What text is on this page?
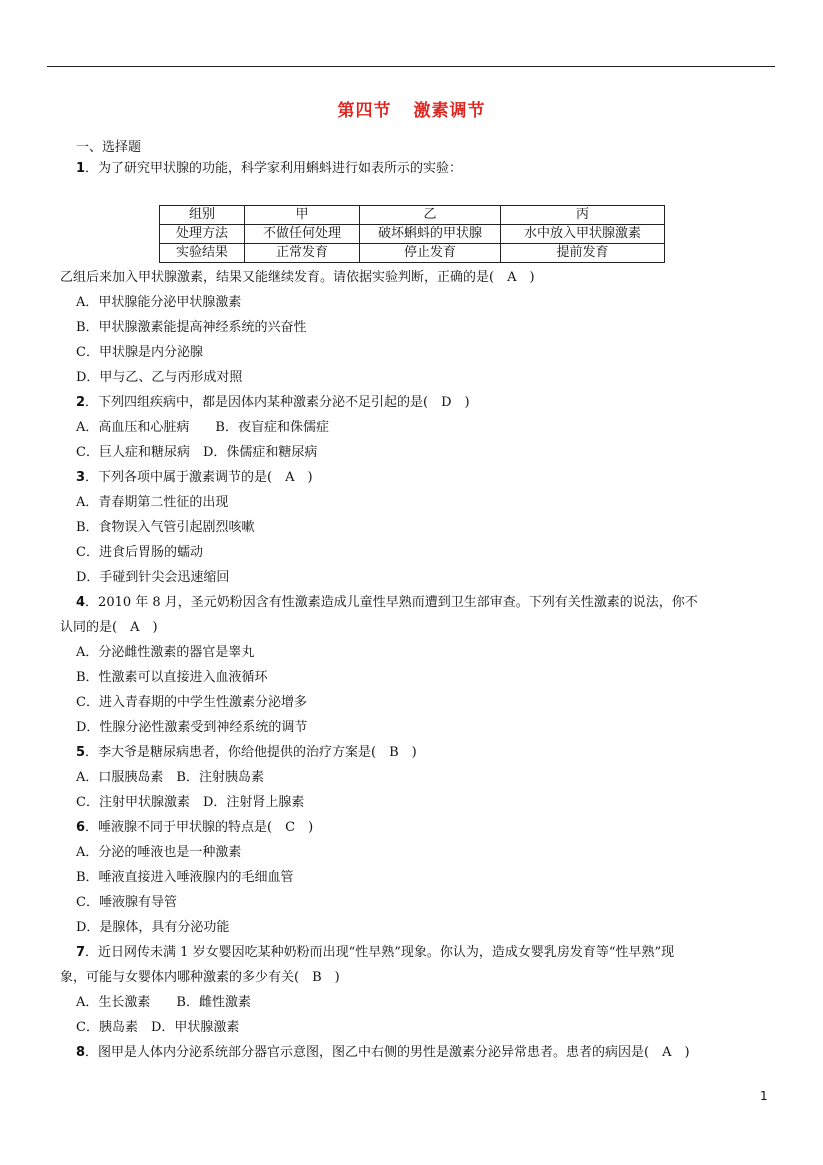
第四节 激素调节
一、选择题
1．为了研究甲状腺的功能，科学家利用蝌蚪进行如表所示的实验：
组别	甲	乙	丙
处理方法	不做任何处理	破坏蝌蚪的甲状腺	水中放入甲状腺激素
实验结果	正常发育	停止发育	提前发育
乙组后来加入甲状腺激素，结果又能继续发育。请依据实验判断，正确的是(　A　)
A．甲状腺能分泌甲状腺激素
B．甲状腺激素能提高神经系统的兴奋性
C．甲状腺是内分泌腺
D．甲与乙、乙与丙形成对照
2．下列四组疾病中，都是因体内某种激素分泌不足引起的是(　D　)
A．高血压和心脏病　　B．夜盲症和侏儒症
C．巨人症和糖尿病　D．侏儒症和糖尿病
3．下列各项中属于激素调节的是(　A　)
A．青春期第二性征的出现
B．食物误入气管引起剧烈咳嗽
C．进食后胃肠的蠕动
D．手碰到针尖会迅速缩回
4．2010 年 8 月，圣元奶粉因含有性激素造成儿童性早熟而遭到卫生部审查。下列有关性激素的说法，你不
认同的是(　A　)
A．分泌雌性激素的器官是睾丸
B．性激素可以直接进入血液循环
C．进入青春期的中学生性激素分泌增多
D．性腺分泌性激素受到神经系统的调节
5．李大爷是糖尿病患者，你给他提供的治疗方案是(　B　)
A．口服胰岛素　B．注射胰岛素
C．注射甲状腺激素　D．注射肾上腺素
6．唾液腺不同于甲状腺的特点是(　C　)
A．分泌的唾液也是一种激素
B．唾液直接进入唾液腺内的毛细血管
C．唾液腺有导管
D．是腺体，具有分泌功能
7．近日网传未满 1 岁女婴因吃某种奶粉而出现“性早熟”现象。你认为，造成女婴乳房发育等“性早熟”现
象，可能与女婴体内哪种激素的多少有关(　B　)
A．生长激素　　B．雌性激素
C．胰岛素　D．甲状腺激素
8．图甲是人体内分泌系统部分器官示意图，图乙中右侧的男性是激素分泌异常患者。患者的病因是(　A　)
1
